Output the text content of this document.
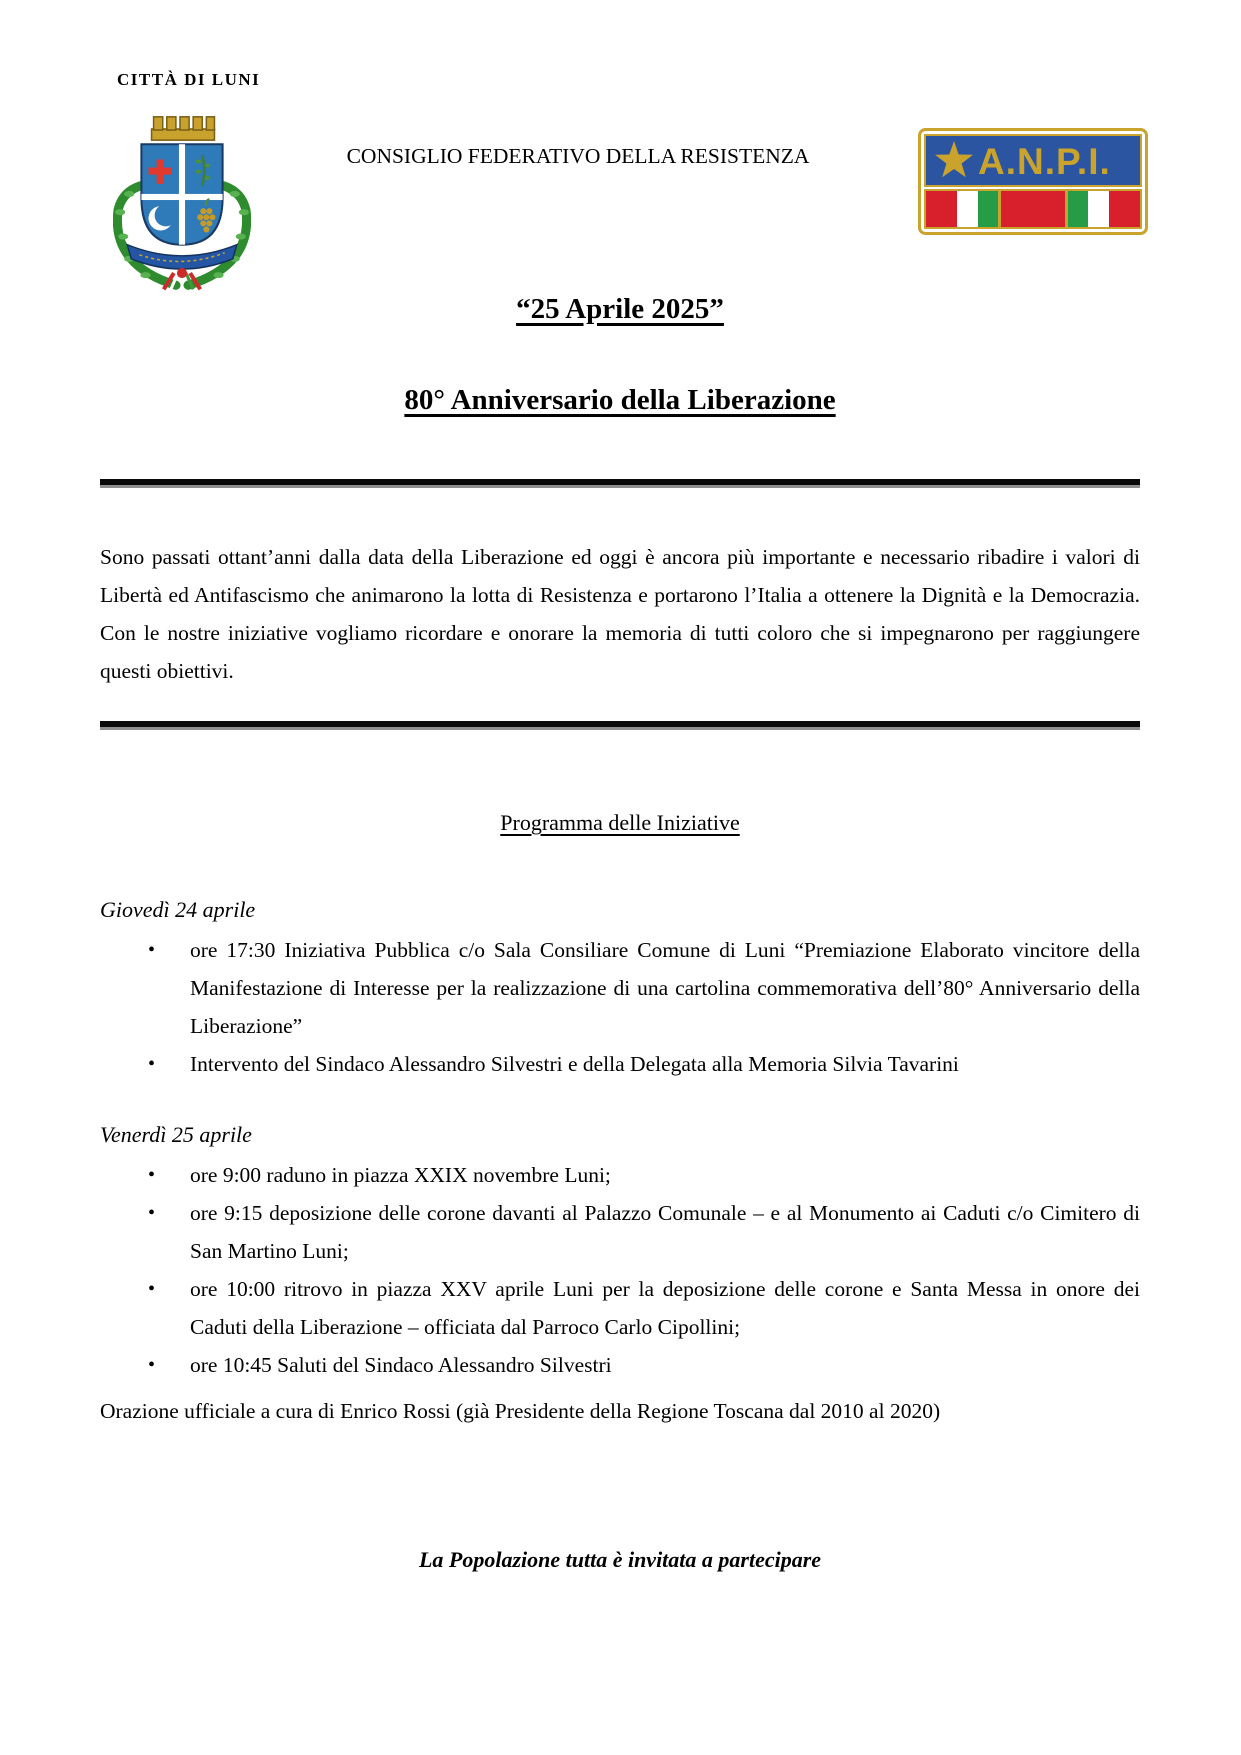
CITTÀ DI LUNI
CONSIGLIO FEDERATIVO DELLA RESISTENZA	A.N.P.I.
“25 Aprile 2025”
80° Anniversario della Liberazione

Sono passati ottant’anni dalla data della Liberazione ed oggi è ancora più importante e necessario ribadire i valori di Libertà ed Antifascismo che animarono la lotta di Resistenza e portarono l’Italia a ottenere la Dignità e la Democrazia. Con le nostre iniziative vogliamo ricordare e onorare la memoria di tutti coloro che si impegnarono per raggiungere questi obiettivi.

Programma delle Iniziative
Giovedì 24 aprile
•	ore 17:30 Iniziativa Pubblica c/o Sala Consiliare Comune di Luni “Premiazione Elaborato vincitore della Manifestazione di Interesse per la realizzazione di una cartolina commemorativa dell’80° Anniversario della Liberazione”
•	Intervento del Sindaco Alessandro Silvestri e della Delegata alla Memoria Silvia Tavarini
Venerdì 25 aprile
•	ore 9:00 raduno in piazza XXIX novembre Luni;
•	ore 9:15 deposizione delle corone davanti al Palazzo Comunale – e al Monumento ai Caduti c/o Cimitero di San Martino Luni;
•	ore 10:00 ritrovo in piazza XXV aprile Luni per la deposizione delle corone e Santa Messa in onore dei Caduti della Liberazione – officiata dal Parroco Carlo Cipollini;
•	ore 10:45 Saluti del Sindaco Alessandro Silvestri

Orazione ufficiale a cura di Enrico Rossi (già Presidente della Regione Toscana dal 2010 al 2020)

La Popolazione tutta è invitata a partecipare
